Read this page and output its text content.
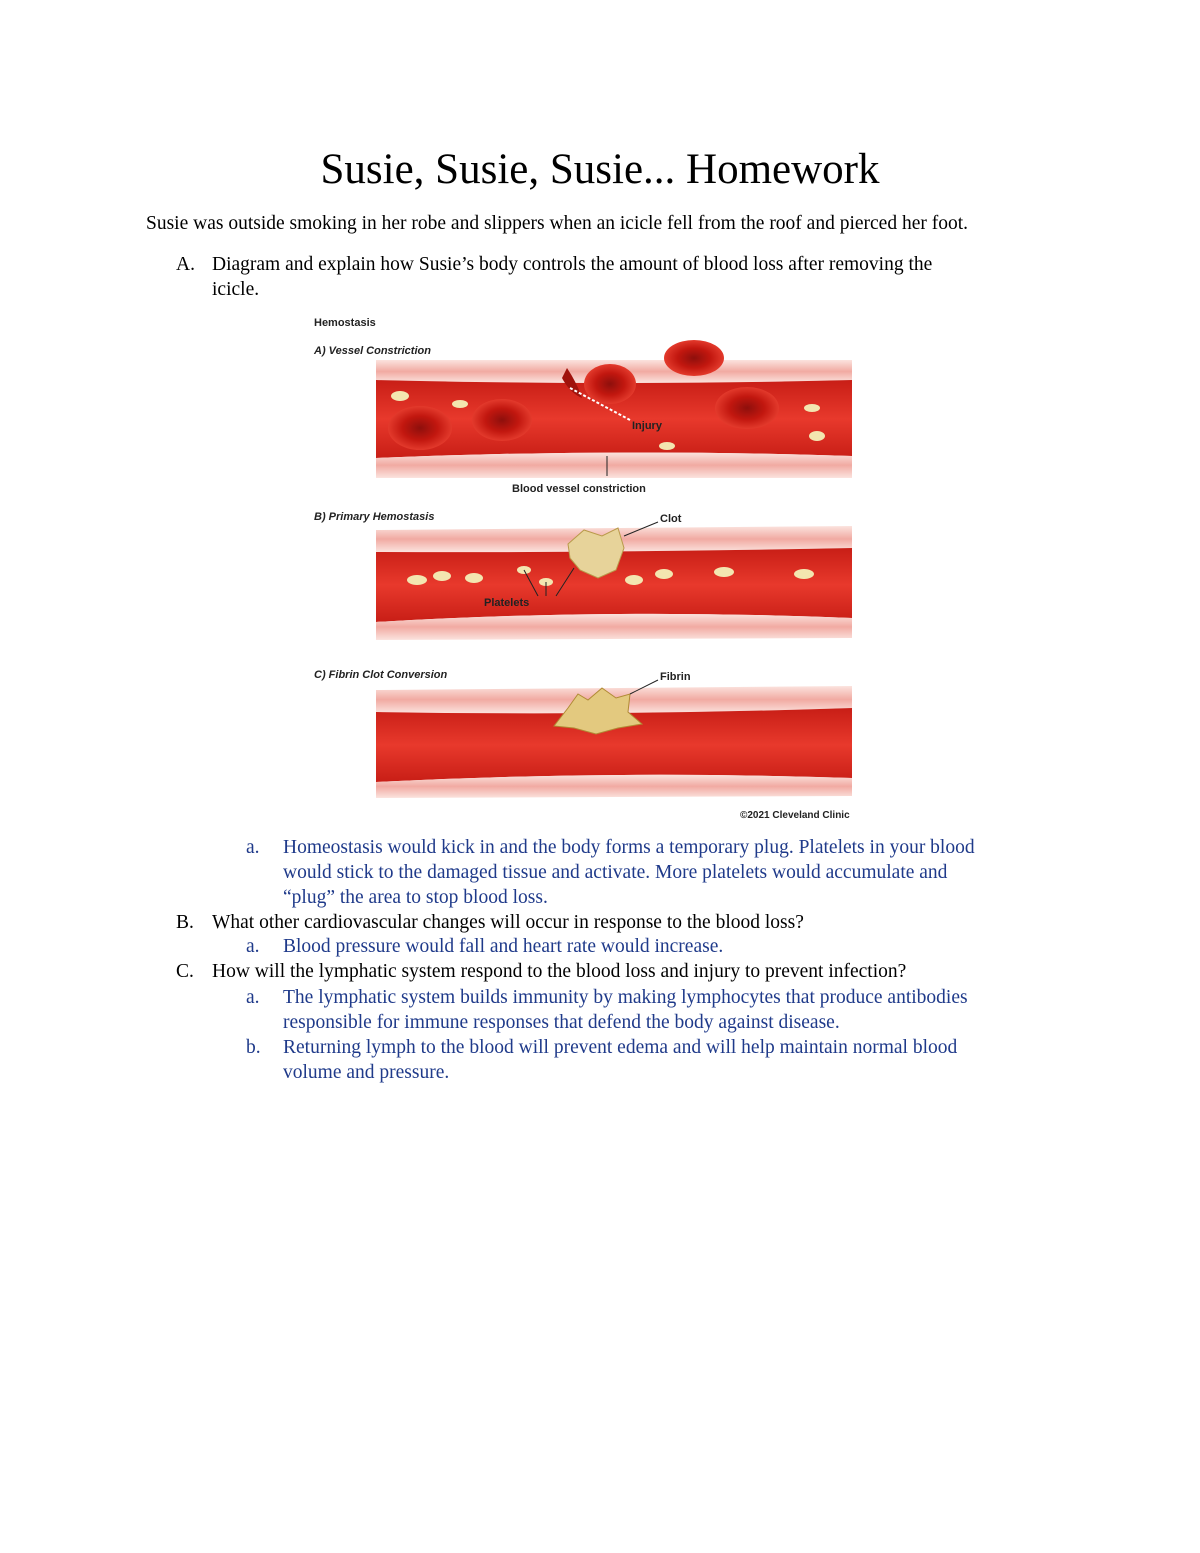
Susie, Susie, Susie... Homework
Susie was outside smoking in her robe and slippers when an icicle fell from the roof and pierced her foot.
A. Diagram and explain how Susie’s body controls the amount of blood loss after removing the
icicle.
Hemostasis
A) Vessel Constriction
Injury
Blood vessel constriction
B) Primary Hemostasis	Clot
Platelets
C) Fibrin Clot Conversion	Fibrin
©2021 Cleveland Clinic
a. Homeostasis would kick in and the body forms a temporary plug. Platelets in your blood
would stick to the damaged tissue and activate. More platelets would accumulate and
“plug” the area to stop blood loss.
B. What other cardiovascular changes will occur in response to the blood loss?
a. Blood pressure would fall and heart rate would increase.
C. How will the lymphatic system respond to the blood loss and injury to prevent infection?
a. The lymphatic system builds immunity by making lymphocytes that produce antibodies
responsible for immune responses that defend the body against disease.
b. Returning lymph to the blood will prevent edema and will help maintain normal blood
volume and pressure.
